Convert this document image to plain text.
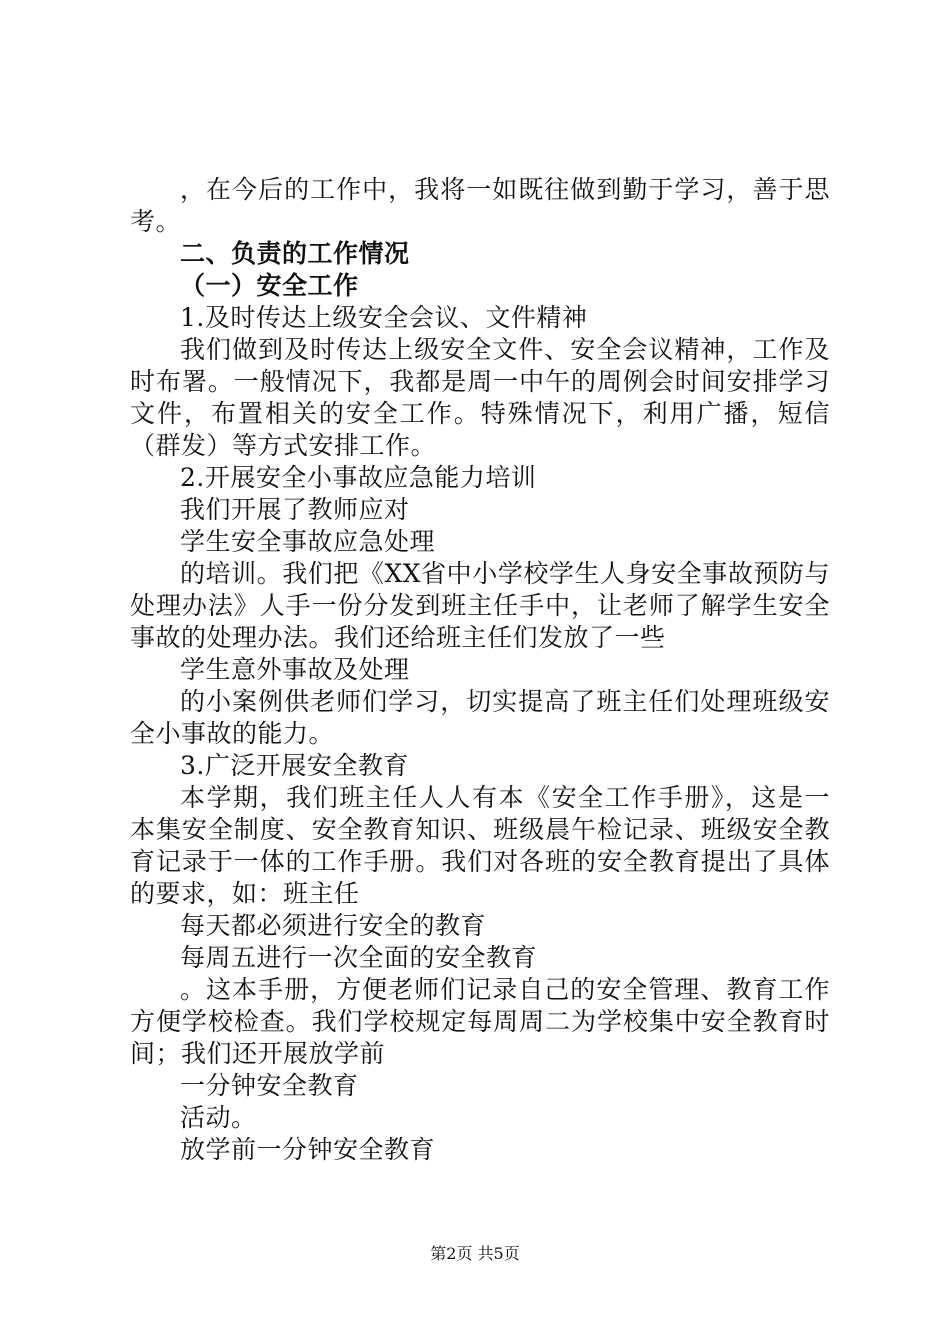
，在今后的工作中，我将一如既往做到勤于学习，善于思考。

二、负责的工作情况

（一）安全工作

1.及时传达上级安全会议、文件精神

我们做到及时传达上级安全文件、安全会议精神，工作及时布署。一般情况下，我都是周一中午的周例会时间安排学习文件，布置相关的安全工作。特殊情况下，利用广播，短信（群发）等方式安排工作。

2.开展安全小事故应急能力培训

我们开展了教师应对

学生安全事故应急处理

的培训。我们把《XX省中小学校学生人身安全事故预防与处理办法》人手一份分发到班主任手中，让老师了解学生安全事故的处理办法。我们还给班主任们发放了一些

学生意外事故及处理

的小案例供老师们学习，切实提高了班主任们处理班级安全小事故的能力。

3.广泛开展安全教育

本学期，我们班主任人人有本《安全工作手册》，这是一本集安全制度、安全教育知识、班级晨午检记录、班级安全教育记录于一体的工作手册。我们对各班的安全教育提出了具体的要求，如：班主任

每天都必须进行安全的教育

每周五进行一次全面的安全教育

。这本手册，方便老师们记录自己的安全管理、教育工作方便学校检查。我们学校规定每周周二为学校集中安全教育时间；我们还开展放学前

一分钟安全教育

活动。

放学前一分钟安全教育

第2页 共5页
